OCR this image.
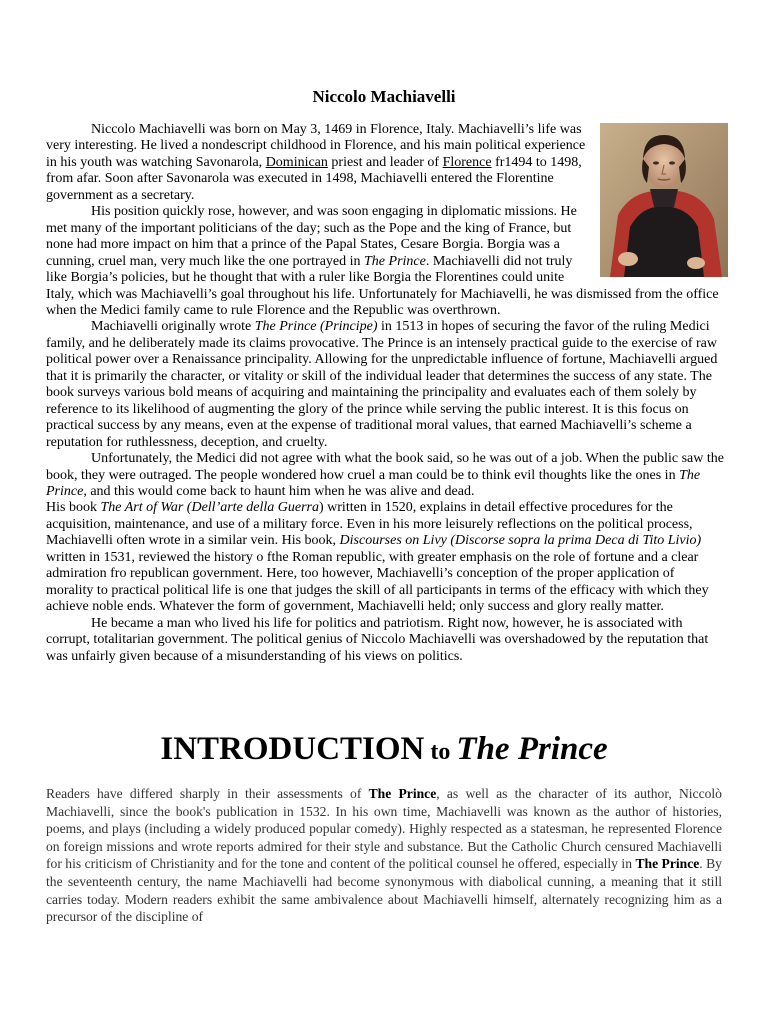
Niccolo Machiavelli

Niccolo Machiavelli was born on May 3, 1469 in Florence, Italy. Machiavelli’s life was very interesting. He lived a nondescript childhood in Florence, and his main political experience in his youth was watching Savonarola, Dominican priest and leader of Florence fr1494 to 1498, from afar. Soon after Savonarola was executed in 1498, Machiavelli entered the Florentine government as a secretary.

His position quickly rose, however, and was soon engaging in diplomatic missions. He met many of the important politicians of the day; such as the Pope and the king of France, but none had more impact on him that a prince of the Papal States, Cesare Borgia. Borgia was a cunning, cruel man, very much like the one portrayed in The Prince. Machiavelli did not truly like Borgia’s policies, but he thought that with a ruler like Borgia the Florentines could unite Italy, which was Machiavelli’s goal throughout his life. Unfortunately for Machiavelli, he was dismissed from the office when the Medici family came to rule Florence and the Republic was overthrown.

Machiavelli originally wrote The Prince (Principe) in 1513 in hopes of securing the favor of the ruling Medici family, and he deliberately made its claims provocative. The Prince is an intensely practical guide to the exercise of raw political power over a Renaissance principality. Allowing for the unpredictable influence of fortune, Machiavelli argued that it is primarily the character, or vitality or skill of the individual leader that determines the success of any state. The book surveys various bold means of acquiring and maintaining the principality and evaluates each of them solely by reference to its likelihood of augmenting the glory of the prince while serving the public interest. It is this focus on practical success by any means, even at the expense of traditional moral values, that earned Machiavelli’s scheme a reputation for ruthlessness, deception, and cruelty.

Unfortunately, the Medici did not agree with what the book said, so he was out of a job. When the public saw the book, they were outraged. The people wondered how cruel a man could be to think evil thoughts like the ones in The Prince, and this would come back to haunt him when he was alive and dead.

His book The Art of War (Dell’arte della Guerra) written in 1520, explains in detail effective procedures for the acquisition, maintenance, and use of a military force. Even in his more leisurely reflections on the political process, Machiavelli often wrote in a similar vein. His book, Discourses on Livy (Discorse sopra la prima Deca di Tito Livio) written in 1531, reviewed the history o fthe Roman republic, with greater emphasis on the role of fortune and a clear admiration fro republican government. Here, too however, Machiavelli’s conception of the proper application of morality to practical political life is one that judges the skill of all participants in terms of the efficacy with which they achieve noble ends. Whatever the form of government, Machiavelli held; only success and glory really matter.

He became a man who lived his life for politics and patriotism. Right now, however, he is associated with corrupt, totalitarian government. The political genius of Niccolo Machiavelli was overshadowed by the reputation that was unfairly given because of a misunderstanding of his views on politics.

INTRODUCTION to The Prince

Readers have differed sharply in their assessments of The Prince, as well as the character of its author, Niccolò Machiavelli, since the book's publication in 1532. In his own time, Machiavelli was known as the author of histories, poems, and plays (including a widely produced popular comedy). Highly respected as a statesman, he represented Florence on foreign missions and wrote reports admired for their style and substance. But the Catholic Church censured Machiavelli for his criticism of Christianity and for the tone and content of the political counsel he offered, especially in The Prince. By the seventeenth century, the name Machiavelli had become synonymous with diabolical cunning, a meaning that it still carries today. Modern readers exhibit the same ambivalence about Machiavelli himself, alternately recognizing him as a precursor of the discipline of
